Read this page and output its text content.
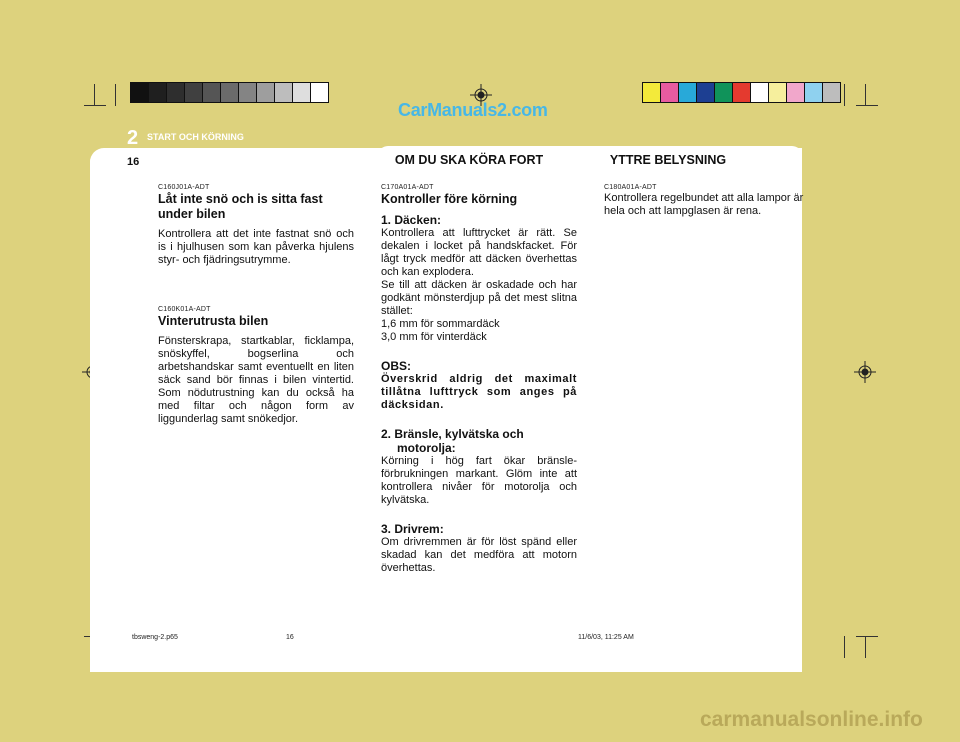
CarManuals2.com
2 START OCH KÖRNING
16	OM DU SKA KÖRA FORT	YTTRE BELYSNING
C160J01A-ADT
Låt inte snö och is sitta fast under bilen

Kontrollera att det inte fastnat snö och is i hjulhusen som kan påverka hjulens styr- och fjädringsutrymme.

C160K01A-ADT
Vinterutrusta bilen

Fönsterskrapa, startkablar, ficklampa, snöskyffel, bogserlina och arbetshandskar samt eventuellt en liten säck sand bör finnas i bilen vintertid. Som nödutrustning kan du också ha med filtar och någon form av liggunderlag samt snökedjor.

C170A01A-ADT
Kontroller före körning
1. Däcken:

Kontrollera att lufttrycket är rätt. Se dekalen i locket på handskfacket. För lågt tryck medför att däcken överhettas och kan explodera.

Se till att däcken är oskadade och har godkänt mönsterdjup på det mest slitna stället:

1,6 mm för sommardäck

3,0 mm för vinterdäck

OBS:

Överskrid aldrig det maximalt tillåtna lufttryck som anges på däcksidan.

2. Bränsle, kylvätska och motorolja:

Körning i hög fart ökar bränsle-förbrukningen markant. Glöm inte att kontrollera nivåer för motorolja och kylvätska.

3. Drivrem:

Om drivremmen är för löst spänd eller skadad kan det medföra att motorn överhettas.

C180A01A-ADT

Kontrollera regelbundet att alla lampor är hela och att lampglasen är rena.

tbsweng-2.p65	16	11/6/03, 11:25 AM
carmanualsonline.info
